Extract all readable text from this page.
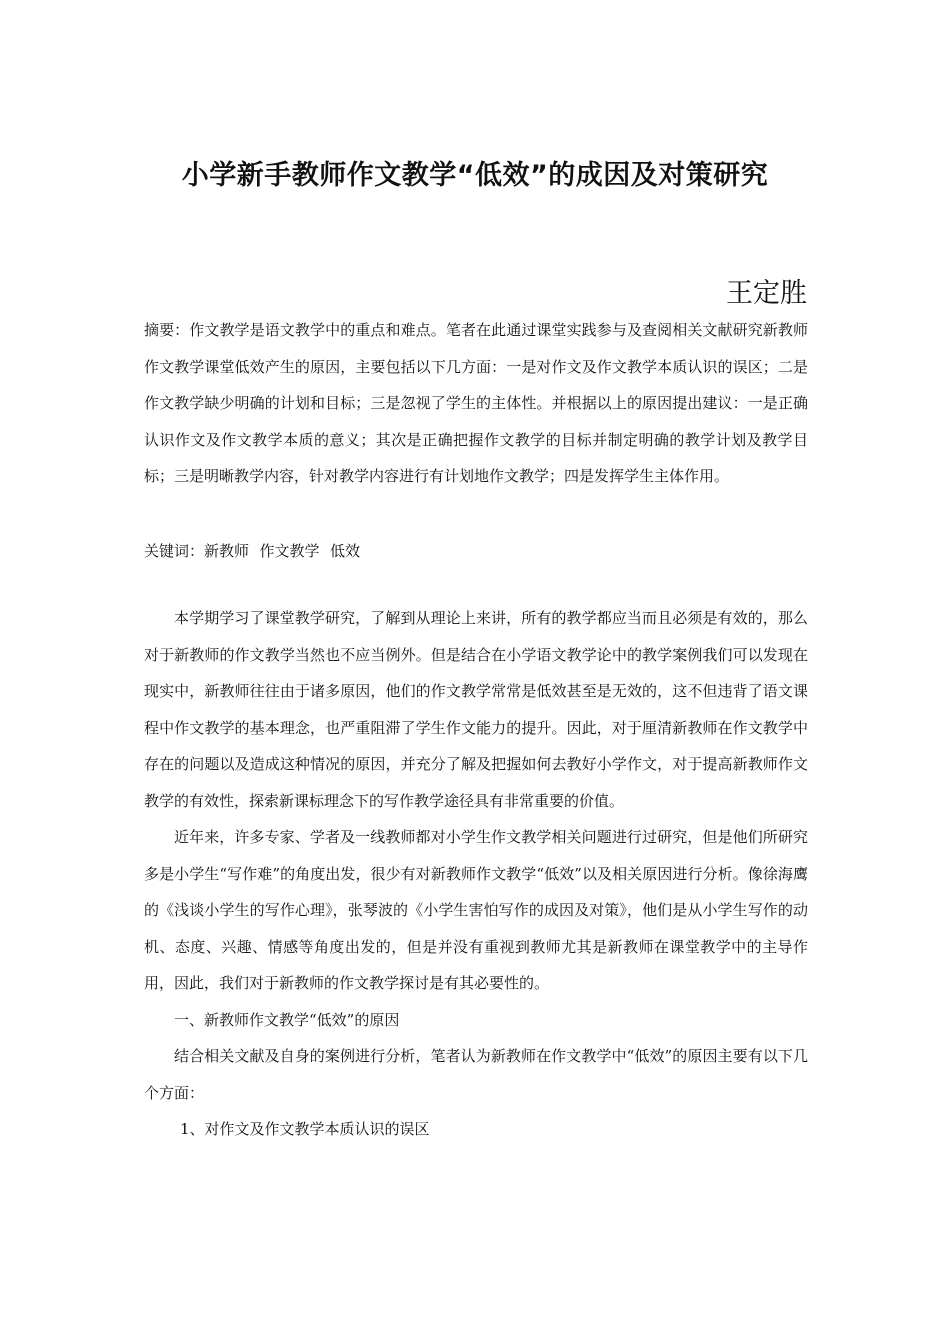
小学新手教师作文教学“低效”的成因及对策研究
王定胜

摘要：作文教学是语文教学中的重点和难点。笔者在此通过课堂实践参与及查阅相关文献研究新教师作文教学课堂低效产生的原因，主要包括以下几方面：一是对作文及作文教学本质认识的误区；二是作文教学缺少明确的计划和目标；三是忽视了学生的主体性。并根据以上的原因提出建议：一是正确认识作文及作文教学本质的意义；其次是正确把握作文教学的目标并制定明确的教学计划及教学目标；三是明晰教学内容，针对教学内容进行有计划地作文教学；四是发挥学生主体作用。

关键词：新教师 作文教学 低效

本学期学习了课堂教学研究，了解到从理论上来讲，所有的教学都应当而且必须是有效的，那么对于新教师的作文教学当然也不应当例外。但是结合在小学语文教学论中的教学案例我们可以发现在现实中，新教师往往由于诸多原因，他们的作文教学常常是低效甚至是无效的，这不但违背了语文课程中作文教学的基本理念，也严重阻滞了学生作文能力的提升。因此，对于厘清新教师在作文教学中存在的问题以及造成这种情况的原因，并充分了解及把握如何去教好小学作文，对于提高新教师作文教学的有效性，探索新课标理念下的写作教学途径具有非常重要的价值。

近年来，许多专家、学者及一线教师都对小学生作文教学相关问题进行过研究，但是他们所研究多是小学生“写作难”的角度出发，很少有对新教师作文教学“低效”以及相关原因进行分析。像徐海鹰的《浅谈小学生的写作心理》，张琴波的《小学生害怕写作的成因及对策》，他们是从小学生写作的动机、态度、兴趣、情感等角度出发的，但是并没有重视到教师尤其是新教师在课堂教学中的主导作用，因此，我们对于新教师的作文教学探讨是有其必要性的。

一、新教师作文教学“低效”的原因

结合相关文献及自身的案例进行分析，笔者认为新教师在作文教学中“低效”的原因主要有以下几个方面：

1、对作文及作文教学本质认识的误区
